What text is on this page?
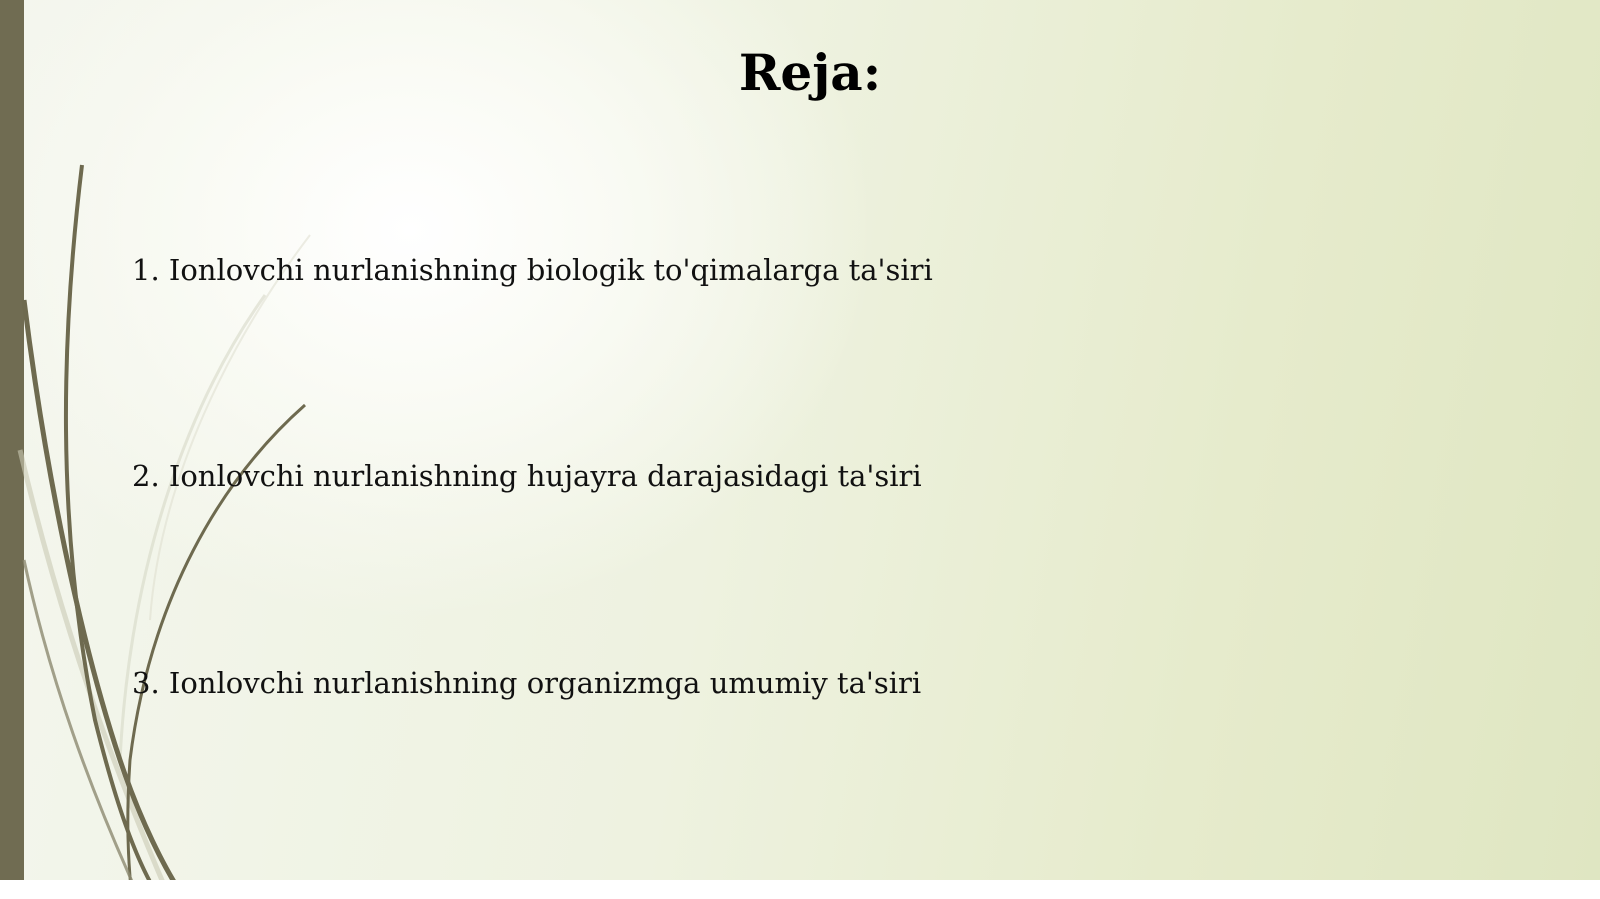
Reja:
1. Ionlovchi nurlanishning biologik to'qimalarga ta'siri
2. Ionlovchi nurlanishning hujayra darajasidagi ta'siri
3. Ionlovchi nurlanishning organizmga umumiy ta'siri
